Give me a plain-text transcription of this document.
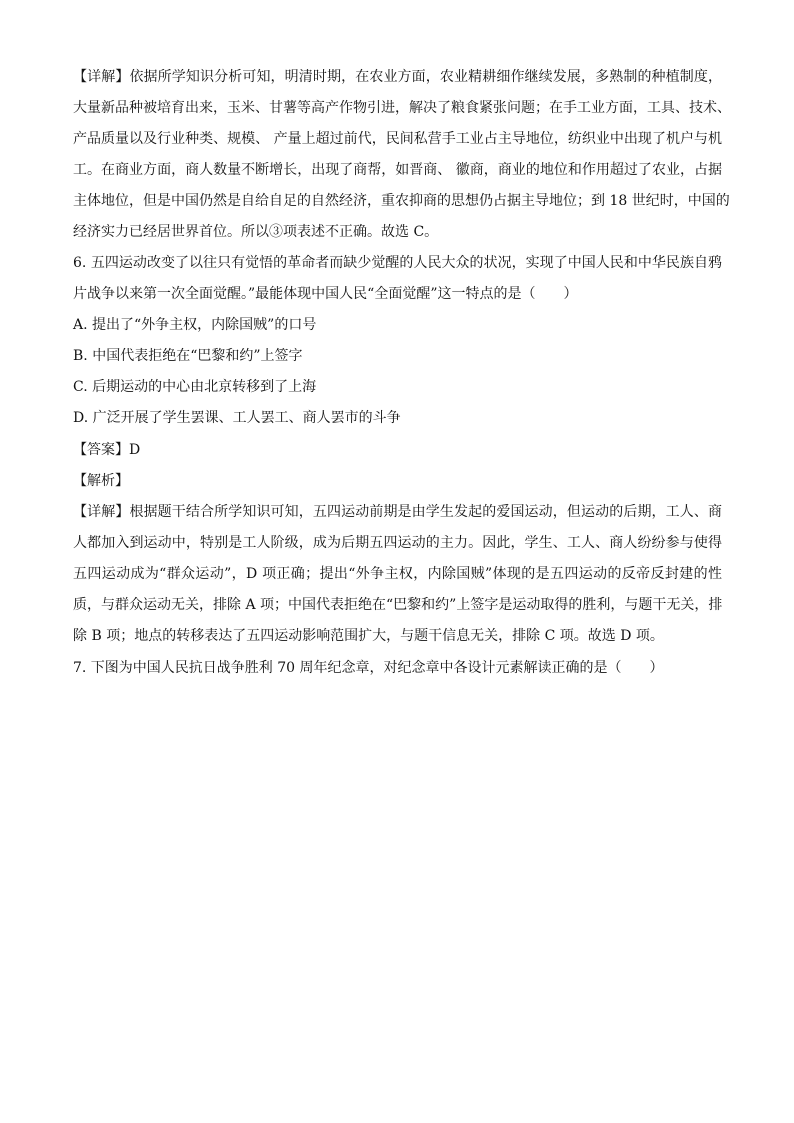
【详解】依据所学知识分析可知，明清时期，在农业方面，农业精耕细作继续发展，多熟制的种植制度，
大量新品种被培育出来，玉米、甘薯等高产作物引进，解决了粮食紧张问题；在手工业方面，工具、技术、
产品质量以及行业种类、规模、 产量上超过前代，民间私营手工业占主导地位，纺织业中出现了机户与机
工。在商业方面，商人数量不断增长，出现了商帮，如晋商、 徽商，商业的地位和作用超过了农业，占据
主体地位，但是中国仍然是自给自足的自然经济，重农抑商的思想仍占据主导地位；到 18 世纪时，中国的
经济实力已经居世界首位。所以③项表述不正确。故选 C。
6. 五四运动改变了以往只有觉悟的革命者而缺少觉醒的人民大众的状况，实现了中国人民和中华民族自鸦
片战争以来第一次全面觉醒。”最能体现中国人民“全面觉醒”这一特点的是（　　）
A. 提出了“外争主权，内除国贼”的口号
B. 中国代表拒绝在“巴黎和约”上签字
C. 后期运动的中心由北京转移到了上海
D. 广泛开展了学生罢课、工人罢工、商人罢市的斗争
【答案】D
【解析】
【详解】根据题干结合所学知识可知，五四运动前期是由学生发起的爱国运动，但运动的后期，工人、商
人都加入到运动中，特别是工人阶级，成为后期五四运动的主力。因此，学生、工人、商人纷纷参与使得
五四运动成为“群众运动”，D 项正确；提出“外争主权，内除国贼”体现的是五四运动的反帝反封建的性
质，与群众运动无关，排除 A 项；中国代表拒绝在“巴黎和约”上签字是运动取得的胜利，与题干无关，排
除 B 项；地点的转移表达了五四运动影响范围扩大，与题干信息无关，排除 C 项。故选 D 项。
7. 下图为中国人民抗日战争胜利 70 周年纪念章，对纪念章中各设计元素解读正确的是（　　）
